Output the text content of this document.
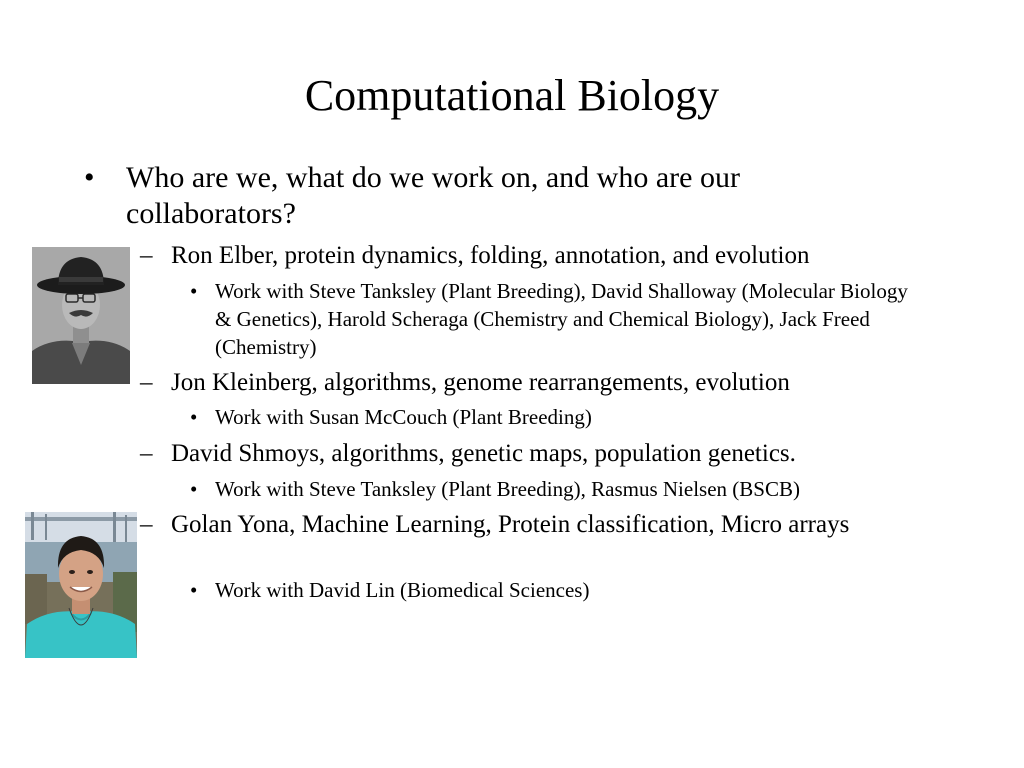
Computational Biology
• Who are we, what do we work on, and who are our collaborators?
– Ron Elber, protein dynamics, folding, annotation, and evolution
• Work with Steve Tanksley (Plant Breeding), David Shalloway (Molecular Biology & Genetics), Harold Scheraga (Chemistry and Chemical Biology), Jack Freed (Chemistry)
– Jon Kleinberg, algorithms, genome rearrangements, evolution
• Work with Susan McCouch (Plant Breeding)
– David Shmoys, algorithms, genetic maps, population genetics.
• Work with Steve Tanksley (Plant Breeding), Rasmus Nielsen (BSCB)
– Golan Yona, Machine Learning, Protein classification, Micro arrays
• Work with David Lin (Biomedical Sciences)
